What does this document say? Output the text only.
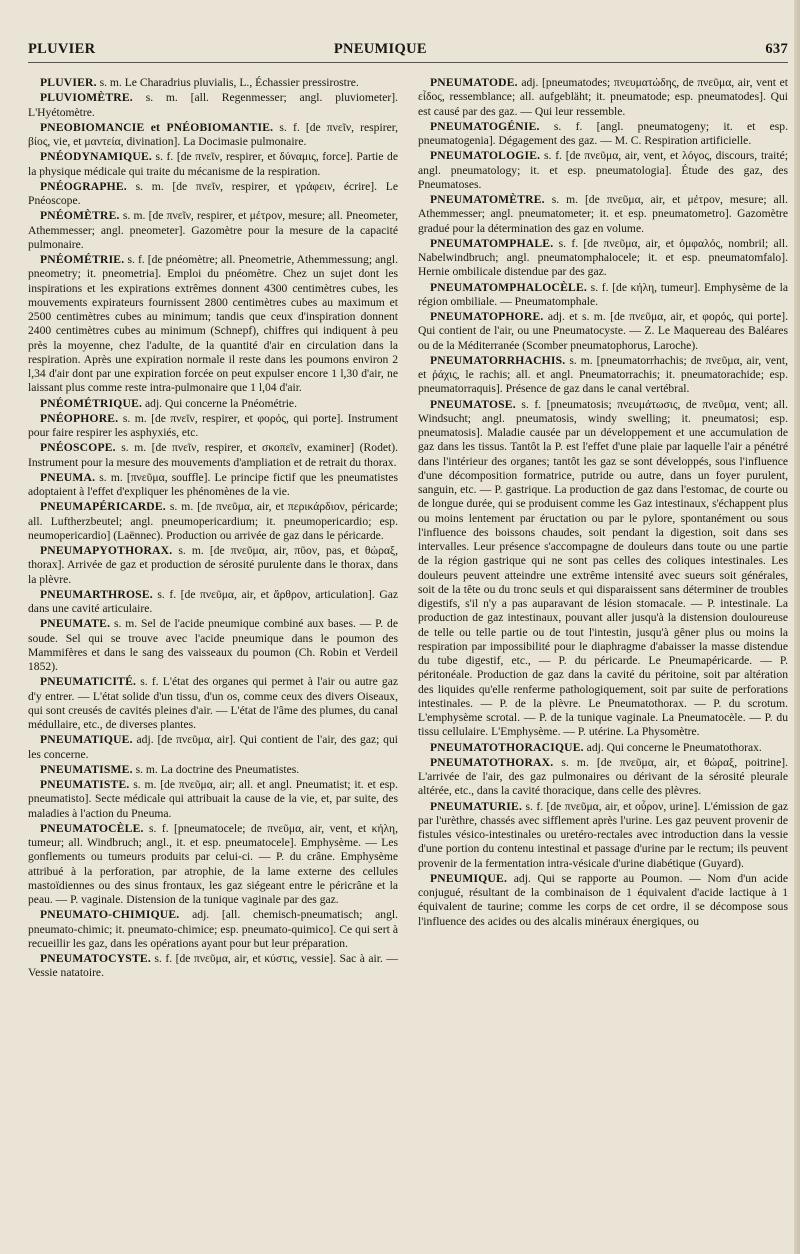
PLUVIER	PNEUMIQUE	637

PLUVIER. s. m. Le Charadrius pluvialis, L., Échassier pressirostre.

PLUVIOMÈTRE. s. m. [all. Regenmesser; angl. pluviometer]. L'Hyétomètre.

PNEOBIOMANCIE et PNÉOBIOMANTIE. s. f. [de πνεῖν, respirer, βίος, vie, et μαντεία, divination]. La Docimasie pulmonaire.

PNÉODYNAMIQUE. s. f. [de πνεῖν, respirer, et δύναμις, force]. Partie de la physique médicale qui traite du mécanisme de la respiration.

PNÉOGRAPHE. s. m. [de πνεῖν, respirer, et γράφειν, écrire]. Le Pnéoscope.

PNÉOMÈTRE. s. m. [de πνεῖν, respirer, et μέτρον, mesure; all. Pneometer, Athemmesser; angl. pneometer]. Gazomètre pour la mesure de la capacité pulmonaire.

PNÉOMÉTRIE. s. f. [de pnéomètre; all. Pneometrie, Athemmessung; angl. pneometry; it. pneometria]. Emploi du pnéomètre. Chez un sujet dont les inspirations et les expirations extrêmes donnent 4300 centimètres cubes, les mouvements expirateurs fournissent 2800 centimètres cubes au maximum et 2500 centimètres cubes au minimum; tandis que ceux d'inspiration donnent 2400 centimètres cubes au minimum (Schnepf), chiffres qui indiquent à peu près la moyenne, chez l'adulte, de la quantité d'air en circulation dans la respiration. Après une expiration normale il reste dans les poumons environ 2 l,34 d'air dont par une expiration forcée on peut expulser encore 1 l,30 d'air, ne laissant plus comme reste intra-pulmonaire que 1 l,04 d'air.

PNÉOMÉTRIQUE. adj. Qui concerne la Pnéométrie.

PNÉOPHORE. s. m. [de πνεῖν, respirer, et φορός, qui porte]. Instrument pour faire respirer les asphyxiés, etc.

PNÉOSCOPE. s. m. [de πνεῖν, respirer, et σκοπεῖν, examiner] (Rodet). Instrument pour la mesure des mouvements d'ampliation et de retrait du thorax.

PNEUMA. s. m. [πνεῦμα, souffle]. Le principe fictif que les pneumatistes adoptaient à l'effet d'expliquer les phénomènes de la vie.

PNEUMAPÉRICARDE. s. m. [de πνεῦμα, air, et περικάρδιον, péricarde; all. Luftherzbeutel; angl. pneumopericardium; it. pneumopericardio; esp. neumopericardio] (Laënnec). Production ou arrivée de gaz dans le péricarde.

PNEUMAPYOTHORAX. s. m. [de πνεῦμα, air, πῦον, pas, et θώραξ, thorax]. Arrivée de gaz et production de sérosité purulente dans le thorax, dans la plèvre.

PNEUMARTHROSE. s. f. [de πνεῦμα, air, et ἄρθρον, articulation]. Gaz dans une cavité articulaire.

PNEUMATE. s. m. Sel de l'acide pneumique combiné aux bases. — P. de soude. Sel qui se trouve avec l'acide pneumique dans le poumon des Mammifères et dans le sang des vaisseaux du poumon (Ch. Robin et Verdeil 1852).

PNEUMATICITÉ. s. f. L'état des organes qui permet à l'air ou autre gaz d'y entrer. — L'état solide d'un tissu, d'un os, comme ceux des divers Oiseaux, qui sont creusés de cavités pleines d'air. — L'état de l'âme des plumes, du canal médullaire, etc., de diverses plantes.

PNEUMATIQUE. adj. [de πνεῦμα, air]. Qui contient de l'air, des gaz; qui les concerne.

PNEUMATISME. s. m. La doctrine des Pneumatistes.

PNEUMATISTE. s. m. [de πνεῦμα, air; all. et angl. Pneumatist; it. et esp. pneumatisto]. Secte médicale qui attribuait la cause de la vie, et, par suite, des maladies à l'action du Pneuma.

PNEUMATOCÈLE. s. f. [pneumatocele; de πνεῦμα, air, vent, et κήλη, tumeur; all. Windbruch; angl., it. et esp. pneumatocele]. Emphysème. — Les gonflements ou tumeurs produits par celui-ci. — P. du crâne. Emphysème attribué à la perforation, par atrophie, de la lame externe des cellules mastoïdiennes ou des sinus frontaux, les gaz siégeant entre le péricrâne et la peau. — P. vaginale. Distension de la tunique vaginale par des gaz.

PNEUMATO-CHIMIQUE. adj. [all. chemisch-pneumatisch; angl. pneumato-chimic; it. pneumato-chimice; esp. pneumato-quimico]. Ce qui sert à recueillir les gaz, dans les opérations ayant pour but leur préparation.

PNEUMATOCYSTE. s. f. [de πνεῦμα, air, et κύστις, vessie]. Sac à air. — Vessie natatoire.

PNEUMATODE. adj. [pneumatodes; πνευματώδης, de πνεῦμα, air, vent et εἶδος, ressemblance; all. aufgebläht; it. pneumatode; esp. pneumatodes]. Qui est causé par des gaz. — Qui leur ressemble.

PNEUMATOGÉNIE. s. f. [angl. pneumatogeny; it. et esp. pneumatogenia]. Dégagement des gaz. — M. C. Respiration artificielle.

PNEUMATOLOGIE. s. f. [de πνεῦμα, air, vent, et λόγος, discours, traité; angl. pneumatology; it. et esp. pneumatologia]. Étude des gaz, des Pneumatoses.

PNEUMATOMÈTRE. s. m. [de πνεῦμα, air, et μέτρον, mesure; all. Athemmesser; angl. pneumatometer; it. et esp. pneumatometro]. Gazomètre gradué pour la détermination des gaz en volume.

PNEUMATOMPHALE. s. f. [de πνεῦμα, air, et ὀμφαλός, nombril; all. Nabelwindbruch; angl. pneumatomphalocele; it. et esp. pneumatomfalo]. Hernie ombilicale distendue par des gaz.

PNEUMATOMPHALOCÈLE. s. f. [de κήλη, tumeur]. Emphysème de la région ombiliale. — Pneumatomphale.

PNEUMATOPHORE. adj. et s. m. [de πνεῦμα, air, et φορός, qui porte]. Qui contient de l'air, ou une Pneumatocyste. — Z. Le Maquereau des Baléares ou de la Méditerranée (Scomber pneumatophorus, Laroche).

PNEUMATORRHACHIS. s. m. [pneumatorrhachis; de πνεῦμα, air, vent, et ῥάχις, le rachis; all. et angl. Pneumatorrachis; it. pneumatorachide; esp. pneumatorraquis]. Présence de gaz dans le canal vertébral.

PNEUMATOSE. s. f. [pneumatosis; πνευμάτωσις, de πνεῦμα, vent; all. Windsucht; angl. pneumatosis, windy swelling; it. pneumatosi; esp. pneumatosis]. Maladie causée par un développement et une accumulation de gaz dans les tissus. Tantôt la P. est l'effet d'une plaie par laquelle l'air a pénétré dans l'intérieur des organes; tantôt les gaz se sont développés, sous l'influence d'une décomposition formatrice, putride ou autre, dans un foyer purulent, sanguin, etc. — P. gastrique. La production de gaz dans l'estomac, de courte ou de longue durée, qui se produisent comme les Gaz intestinaux, s'échappent plus ou moins lentement par éructation ou par le pylore, spontanément ou sous l'influence des boissons chaudes, soit pendant la digestion, soit dans ses intervalles. Leur présence s'accompagne de douleurs dans toute ou une partie de la région gastrique qui ne sont pas celles des coliques intestinales. Les douleurs peuvent atteindre une extrême intensité avec sueurs soit générales, soit de la tête ou du tronc seuls et qui disparaissent sans déterminer de troubles digestifs, s'il n'y a pas auparavant de lésion stomacale. — P. intestinale. La production de gaz intestinaux, pouvant aller jusqu'à la distension douloureuse de telle ou telle partie ou de tout l'intestin, jusqu'à gêner plus ou moins la respiration par impossibilité pour le diaphragme d'abaisser la masse distendue du tube digestif, etc., — P. du péricarde. Le Pneumapéricarde. — P. péritonéale. Production de gaz dans la cavité du péritoine, soit par altération des liquides qu'elle renferme pathologiquement, soit par suite de perforations intestinales. — P. de la plèvre. Le Pneumatothorax. — P. du scrotum. L'emphysème scrotal. — P. de la tunique vaginale. La Pneumatocèle. — P. du tissu cellulaire. L'Emphysème. — P. utérine. La Physomètre.

PNEUMATOTHORACIQUE. adj. Qui concerne le Pneumatothorax.

PNEUMATOTHORAX. s. m. [de πνεῦμα, air, et θώραξ, poitrine]. L'arrivée de l'air, des gaz pulmonaires ou dérivant de la sérosité pleurale altérée, etc., dans la cavité thoracique, dans celle des plèvres.

PNEUMATURIE. s. f. [de πνεῦμα, air, et οὖρον, urine]. L'émission de gaz par l'urèthre, chassés avec sifflement après l'urine. Les gaz peuvent provenir de fistules vésico-intestinales ou uretéro-rectales avec introduction dans la vessie d'une portion du contenu intestinal et passage d'urine par le rectum; ils peuvent provenir de la fermentation intra-vésicale d'urine diabétique (Guyard).

PNEUMIQUE. adj. Qui se rapporte au Poumon. — Nom d'un acide conjugué, résultant de la combinaison de 1 équivalent d'acide lactique à 1 équivalent de taurine; comme les corps de cet ordre, il se décompose sous l'influence des acides ou des alcalis minéraux énergiques, ou
